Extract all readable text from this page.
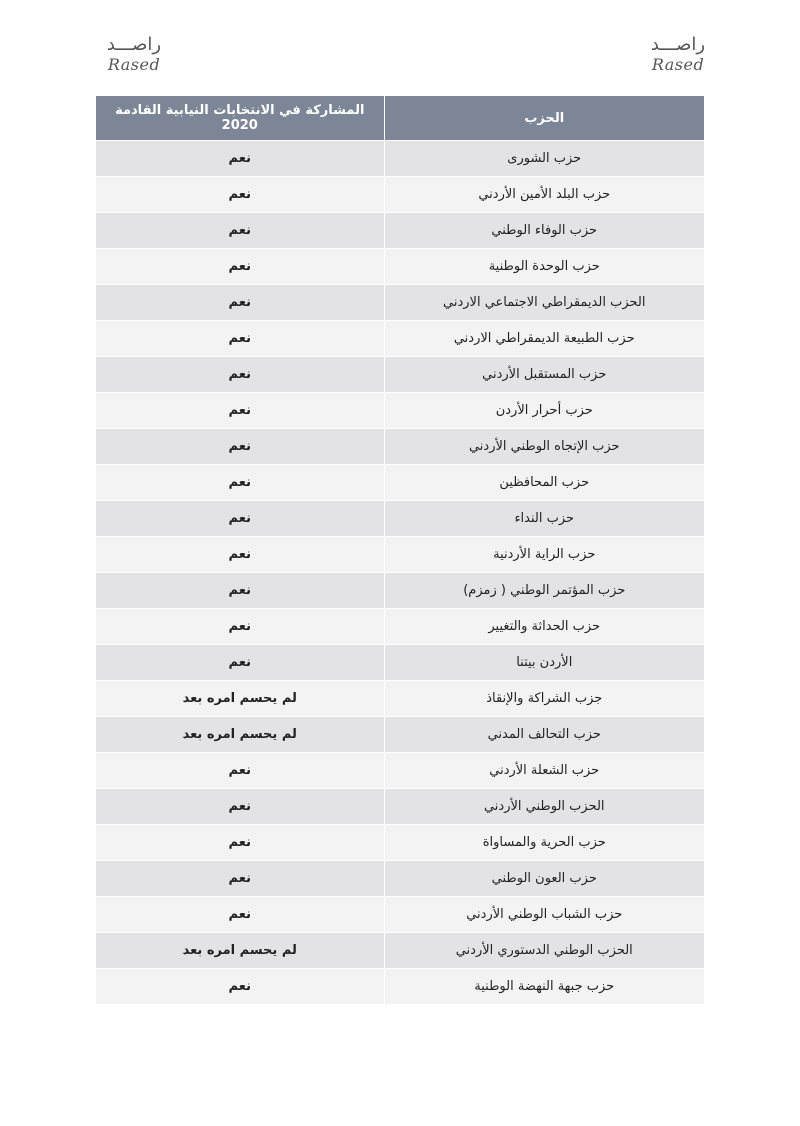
راصـــد
Rased
راصـــد
Rased
الحزب	المشاركة في الانتخابات النيابية القادمة 2020
حزب الشورى	نعم
حزب البلد الأمين الأردني	نعم
حزب الوفاء الوطني	نعم
حزب الوحدة الوطنية	نعم
الحزب الديمقراطي الاجتماعي الاردني	نعم
حزب الطبيعة الديمقراطي الاردني	نعم
حزب المستقبل الأردني	نعم
حزب أحرار الأردن	نعم
حزب الإتجاه الوطني الأردني	نعم
حزب المحافظين	نعم
حزب النداء	نعم
حزب الراية الأردنية	نعم
حزب المؤتمر الوطني ( زمزم)	نعم
حزب الحداثة والتغيير	نعم
الأردن بيتنا	نعم
جزب الشراكة والإنقاذ	لم يحسم امره بعد
حزب التحالف المدني	لم يحسم امره بعد
حزب الشعلة الأردني	نعم
الحزب الوطني الأردني	نعم
حزب الحرية والمساواة	نعم
حزب العون الوطني	نعم
حزب الشباب الوطني الأردني	نعم
الحزب الوطني الدستوري الأردني	لم يحسم امره بعد
حزب جبهة النهضة الوطنية	نعم
